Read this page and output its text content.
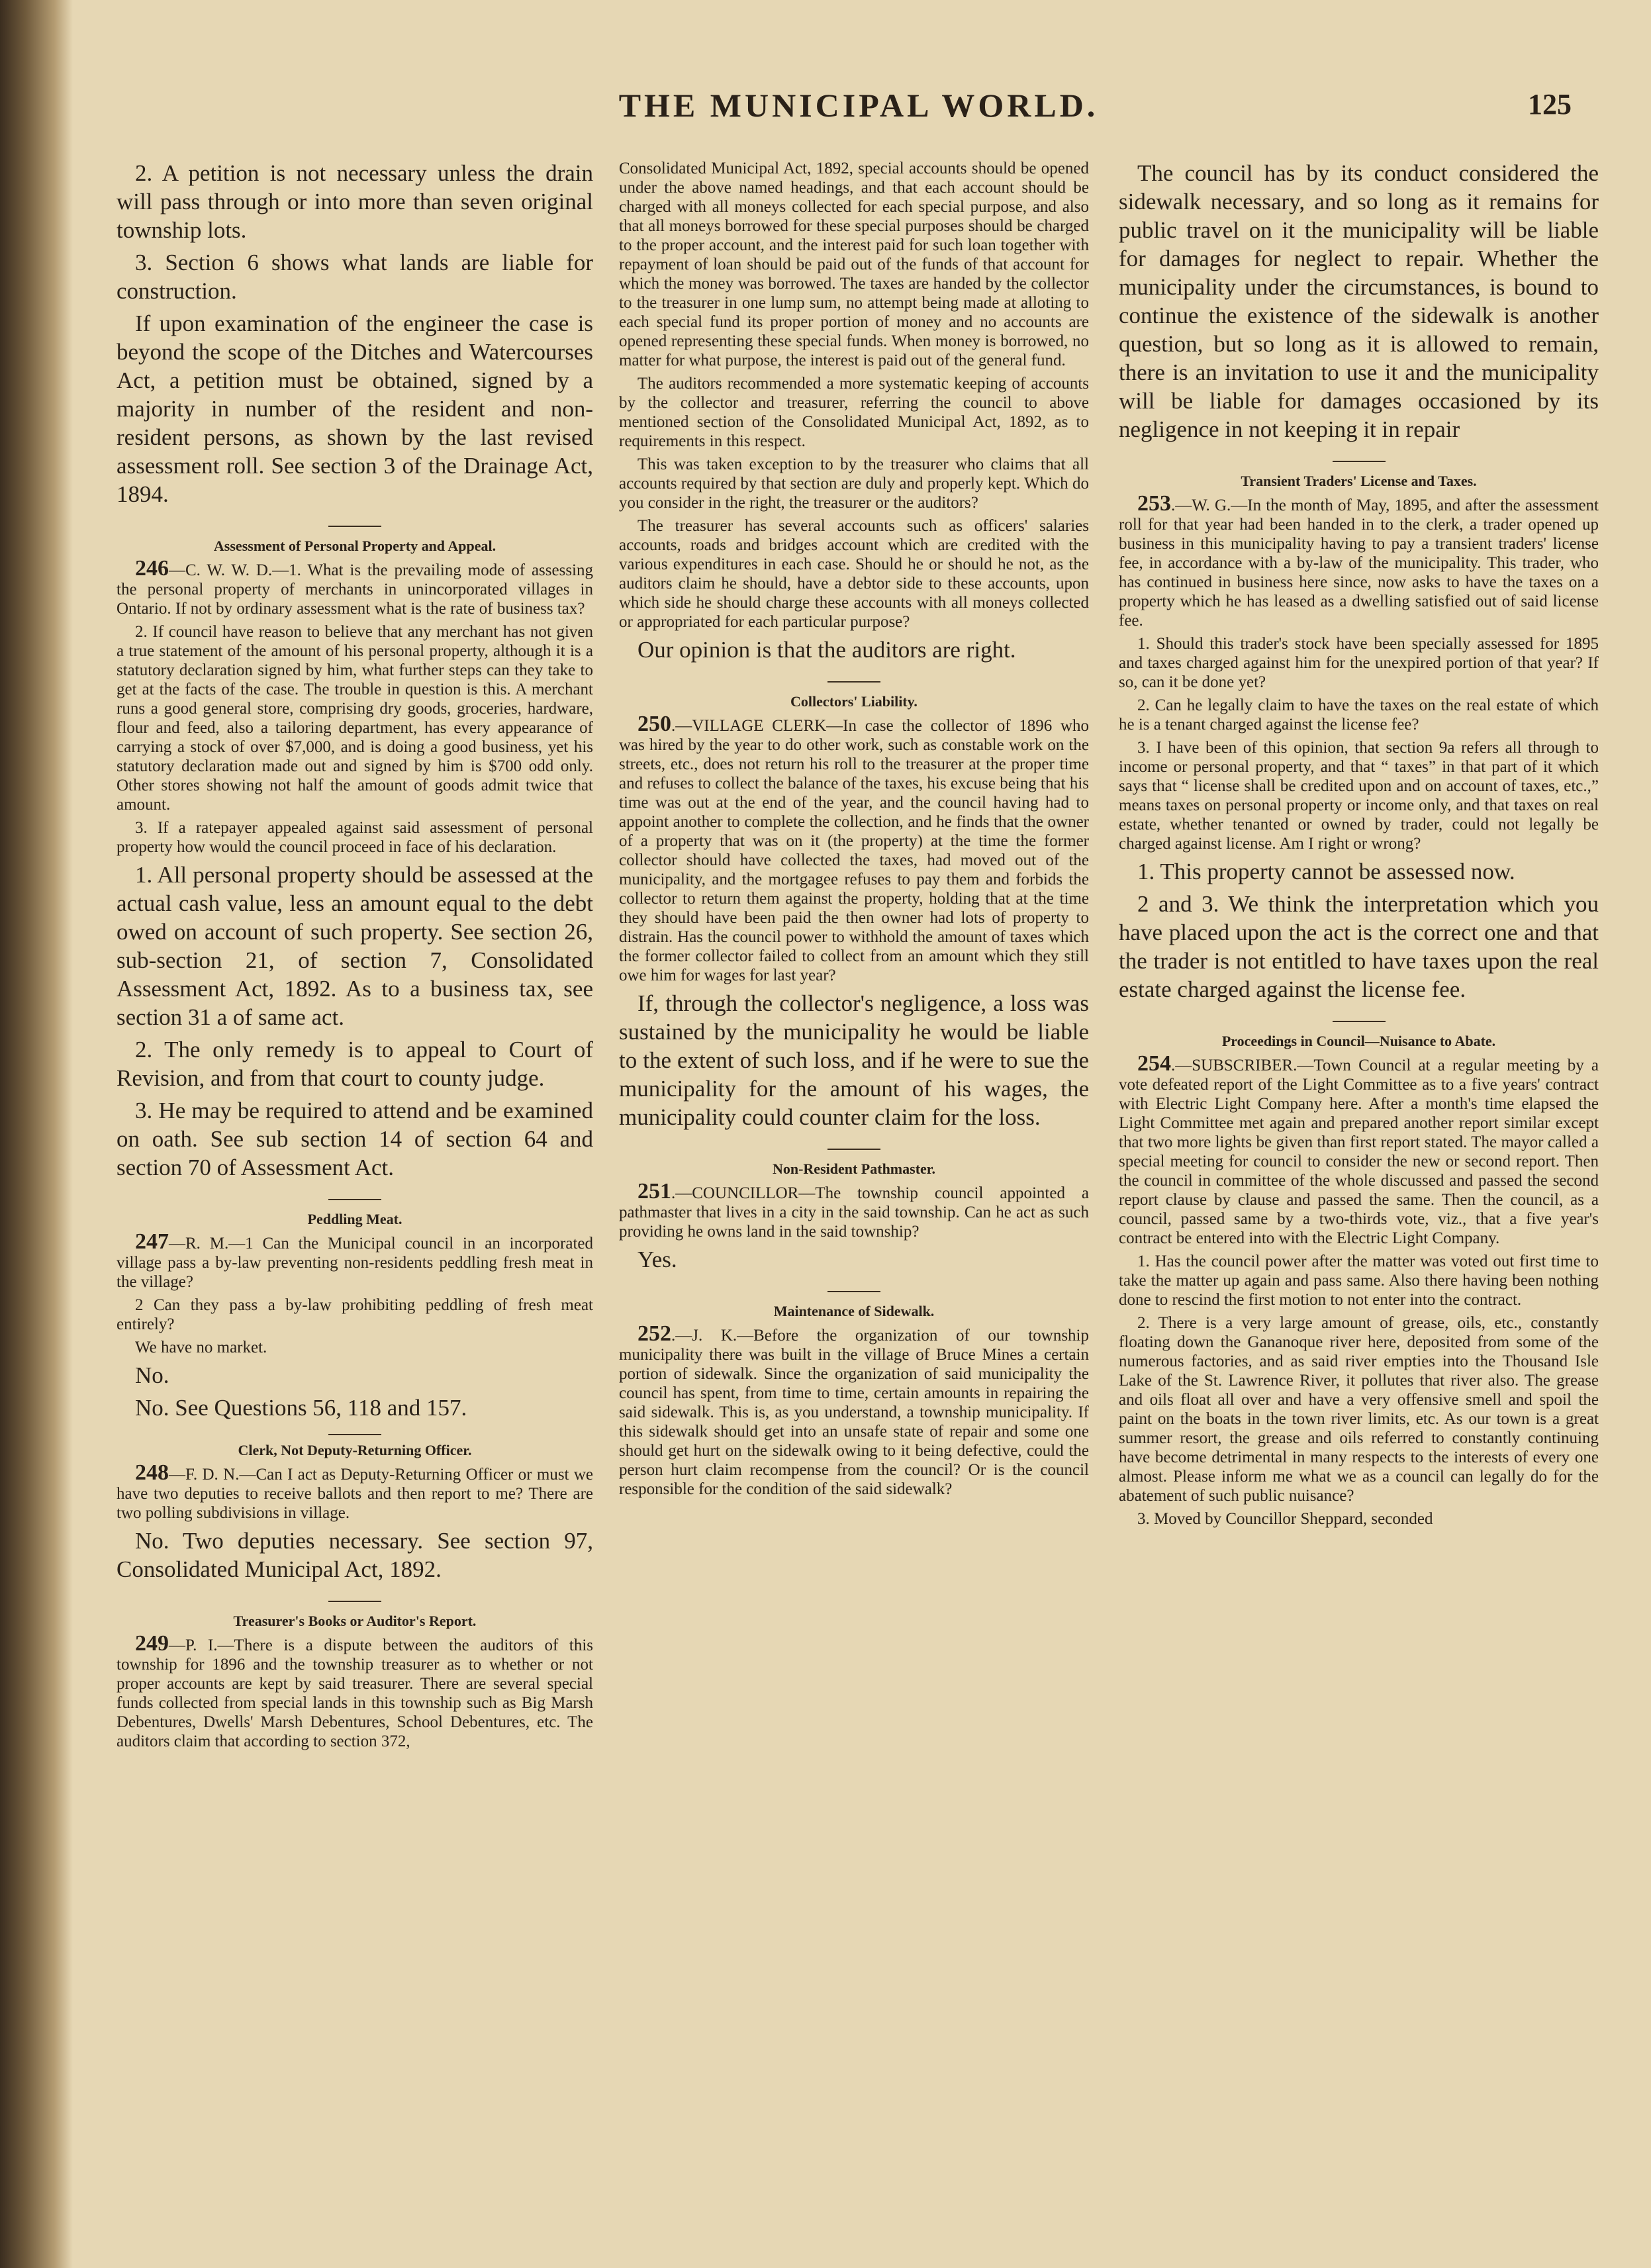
THE MUNICIPAL WORLD.	125

2. A petition is not necessary unless the drain will pass through or into more than seven original township lots.

3. Section 6 shows what lands are liable for construction.

If upon examination of the engineer the case is beyond the scope of the Ditches and Watercourses Act, a petition must be obtained, signed by a majority in number of the resident and non-resident persons, as shown by the last revised assessment roll. See section 3 of the Drainage Act, 1894.

Assessment of Personal Property and Appeal.

246—C. W. W. D.—1. What is the prevailing mode of assessing the personal property of merchants in unincorporated villages in Ontario. If not by ordinary assessment what is the rate of business tax?

2. If council have reason to believe that any merchant has not given a true statement of the amount of his personal property, although it is a statutory declaration signed by him, what further steps can they take to get at the facts of the case. The trouble in question is this. A merchant runs a good general store, comprising dry goods, groceries, hardware, flour and feed, also a tailoring department, has every appearance of carrying a stock of over $7,000, and is doing a good business, yet his statutory declaration made out and signed by him is $700 odd only. Other stores showing not half the amount of goods admit twice that amount.

3. If a ratepayer appealed against said assessment of personal property how would the council proceed in face of his declaration.

1. All personal property should be assessed at the actual cash value, less an amount equal to the debt owed on account of such property. See section 26, sub-section 21, of section 7, Consolidated Assessment Act, 1892. As to a business tax, see section 31 a of same act.

2. The only remedy is to appeal to Court of Revision, and from that court to county judge.

3. He may be required to attend and be examined on oath. See sub section 14 of section 64 and section 70 of Assessment Act.

Peddling Meat.

247—R. M.—1 Can the Municipal council in an incorporated village pass a by-law preventing non-residents peddling fresh meat in the village?

2 Can they pass a by-law prohibiting peddling of fresh meat entirely?

We have no market.

No.

No. See Questions 56, 118 and 157.

Clerk, Not Deputy-Returning Officer.

248—F. D. N.—Can I act as Deputy-Returning Officer or must we have two deputies to receive ballots and then report to me? There are two polling subdivisions in village.

No. Two deputies necessary. See section 97, Consolidated Municipal Act, 1892.

Treasurer's Books or Auditor's Report.

249—P. I.—There is a dispute between the auditors of this township for 1896 and the township treasurer as to whether or not proper accounts are kept by said treasurer. There are several special funds collected from special lands in this township such as Big Marsh Debentures, Dwells' Marsh Debentures, School Debentures, etc. The auditors claim that according to section 372,

Consolidated Municipal Act, 1892, special accounts should be opened under the above named headings, and that each account should be charged with all moneys collected for each special purpose, and also that all moneys borrowed for these special purposes should be charged to the proper account, and the interest paid for such loan together with repayment of loan should be paid out of the funds of that account for which the money was borrowed. The taxes are handed by the collector to the treasurer in one lump sum, no attempt being made at alloting to each special fund its proper portion of money and no accounts are opened representing these special funds. When money is borrowed, no matter for what purpose, the interest is paid out of the general fund.

The auditors recommended a more systematic keeping of accounts by the collector and treasurer, referring the council to above mentioned section of the Consolidated Municipal Act, 1892, as to requirements in this respect.

This was taken exception to by the treasurer who claims that all accounts required by that section are duly and properly kept. Which do you consider in the right, the treasurer or the auditors?

The treasurer has several accounts such as officers' salaries accounts, roads and bridges account which are credited with the various expenditures in each case. Should he or should he not, as the auditors claim he should, have a debtor side to these accounts, upon which side he should charge these accounts with all moneys collected or appropriated for each particular purpose?

Our opinion is that the auditors are right.

Collectors' Liability.

250.—VILLAGE CLERK—In case the collector of 1896 who was hired by the year to do other work, such as constable work on the streets, etc., does not return his roll to the treasurer at the proper time and refuses to collect the balance of the taxes, his excuse being that his time was out at the end of the year, and the council having had to appoint another to complete the collection, and he finds that the owner of a property that was on it (the property) at the time the former collector should have collected the taxes, had moved out of the municipality, and the mortgagee refuses to pay them and forbids the collector to return them against the property, holding that at the time they should have been paid the then owner had lots of property to distrain. Has the council power to withhold the amount of taxes which the former collector failed to collect from an amount which they still owe him for wages for last year?

If, through the collector's negligence, a loss was sustained by the municipality he would be liable to the extent of such loss, and if he were to sue the municipality for the amount of his wages, the municipality could counter claim for the loss.

Non-Resident Pathmaster.

251.—COUNCILLOR—The township council appointed a pathmaster that lives in a city in the said township. Can he act as such providing he owns land in the said township?

Yes.

Maintenance of Sidewalk.

252.—J. K.—Before the organization of our township municipality there was built in the village of Bruce Mines a certain portion of sidewalk. Since the organization of said municipality the council has spent, from time to time, certain amounts in repairing the said sidewalk. This is, as you understand, a township municipality. If this sidewalk should get into an unsafe state of repair and some one should get hurt on the sidewalk owing to it being defective, could the person hurt claim recompense from the council? Or is the council responsible for the condition of the said sidewalk?

The council has by its conduct considered the sidewalk necessary, and so long as it remains for public travel on it the municipality will be liable for damages for neglect to repair. Whether the municipality under the circumstances, is bound to continue the existence of the sidewalk is another question, but so long as it is allowed to remain, there is an invitation to use it and the municipality will be liable for damages occasioned by its negligence in not keeping it in repair

Transient Traders' License and Taxes.

253.—W. G.—In the month of May, 1895, and after the assessment roll for that year had been handed in to the clerk, a trader opened up business in this municipality having to pay a transient traders' license fee, in accordance with a by-law of the municipality. This trader, who has continued in business here since, now asks to have the taxes on a property which he has leased as a dwelling satisfied out of said license fee.

1. Should this trader's stock have been specially assessed for 1895 and taxes charged against him for the unexpired portion of that year? If so, can it be done yet?

2. Can he legally claim to have the taxes on the real estate of which he is a tenant charged against the license fee?

3. I have been of this opinion, that section 9a refers all through to income or personal property, and that “ taxes” in that part of it which says that “ license shall be credited upon and on account of taxes, etc.,” means taxes on personal property or income only, and that taxes on real estate, whether tenanted or owned by trader, could not legally be charged against license. Am I right or wrong?

1. This property cannot be assessed now.

2 and 3. We think the interpretation which you have placed upon the act is the correct one and that the trader is not entitled to have taxes upon the real estate charged against the license fee.

Proceedings in Council—Nuisance to Abate.

254.—SUBSCRIBER.—Town Council at a regular meeting by a vote defeated report of the Light Committee as to a five years' contract with Electric Light Company here. After a month's time elapsed the Light Committee met again and prepared another report similar except that two more lights be given than first report stated. The mayor called a special meeting for council to consider the new or second report. Then the council in committee of the whole discussed and passed the second report clause by clause and passed the same. Then the council, as a council, passed same by a two-thirds vote, viz., that a five year's contract be entered into with the Electric Light Company.

1. Has the council power after the matter was voted out first time to take the matter up again and pass same. Also there having been nothing done to rescind the first motion to not enter into the contract.

2. There is a very large amount of grease, oils, etc., constantly floating down the Gananoque river here, deposited from some of the numerous factories, and as said river empties into the Thousand Isle Lake of the St. Lawrence River, it pollutes that river also. The grease and oils float all over and have a very offensive smell and spoil the paint on the boats in the town river limits, etc. As our town is a great summer resort, the grease and oils referred to constantly continuing have become detrimental in many respects to the interests of every one almost. Please inform me what we as a council can legally do for the abatement of such public nuisance?

3. Moved by Councillor Sheppard, seconded
